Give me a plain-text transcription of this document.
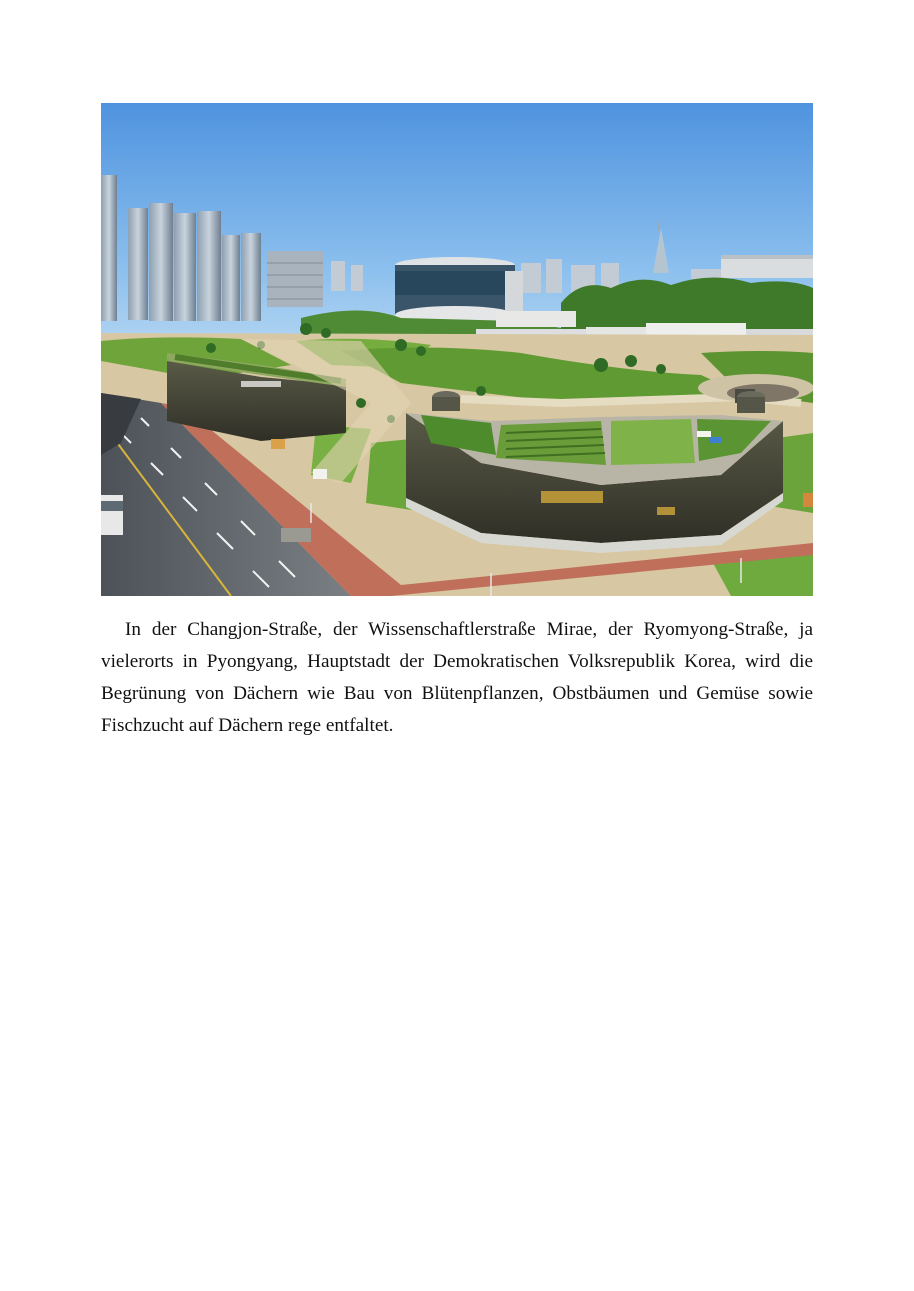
In der Changjon-Straße, der Wissenschaftlerstraße Mirae, der Ryomyong-Straße, ja vielerorts in Pyongyang, Hauptstadt der Demokratischen Volksrepublik Korea, wird die Begrünung von Dächern wie Bau von Blütenpflanzen, Obstbäumen und Gemüse sowie Fischzucht auf Dächern rege entfaltet.
